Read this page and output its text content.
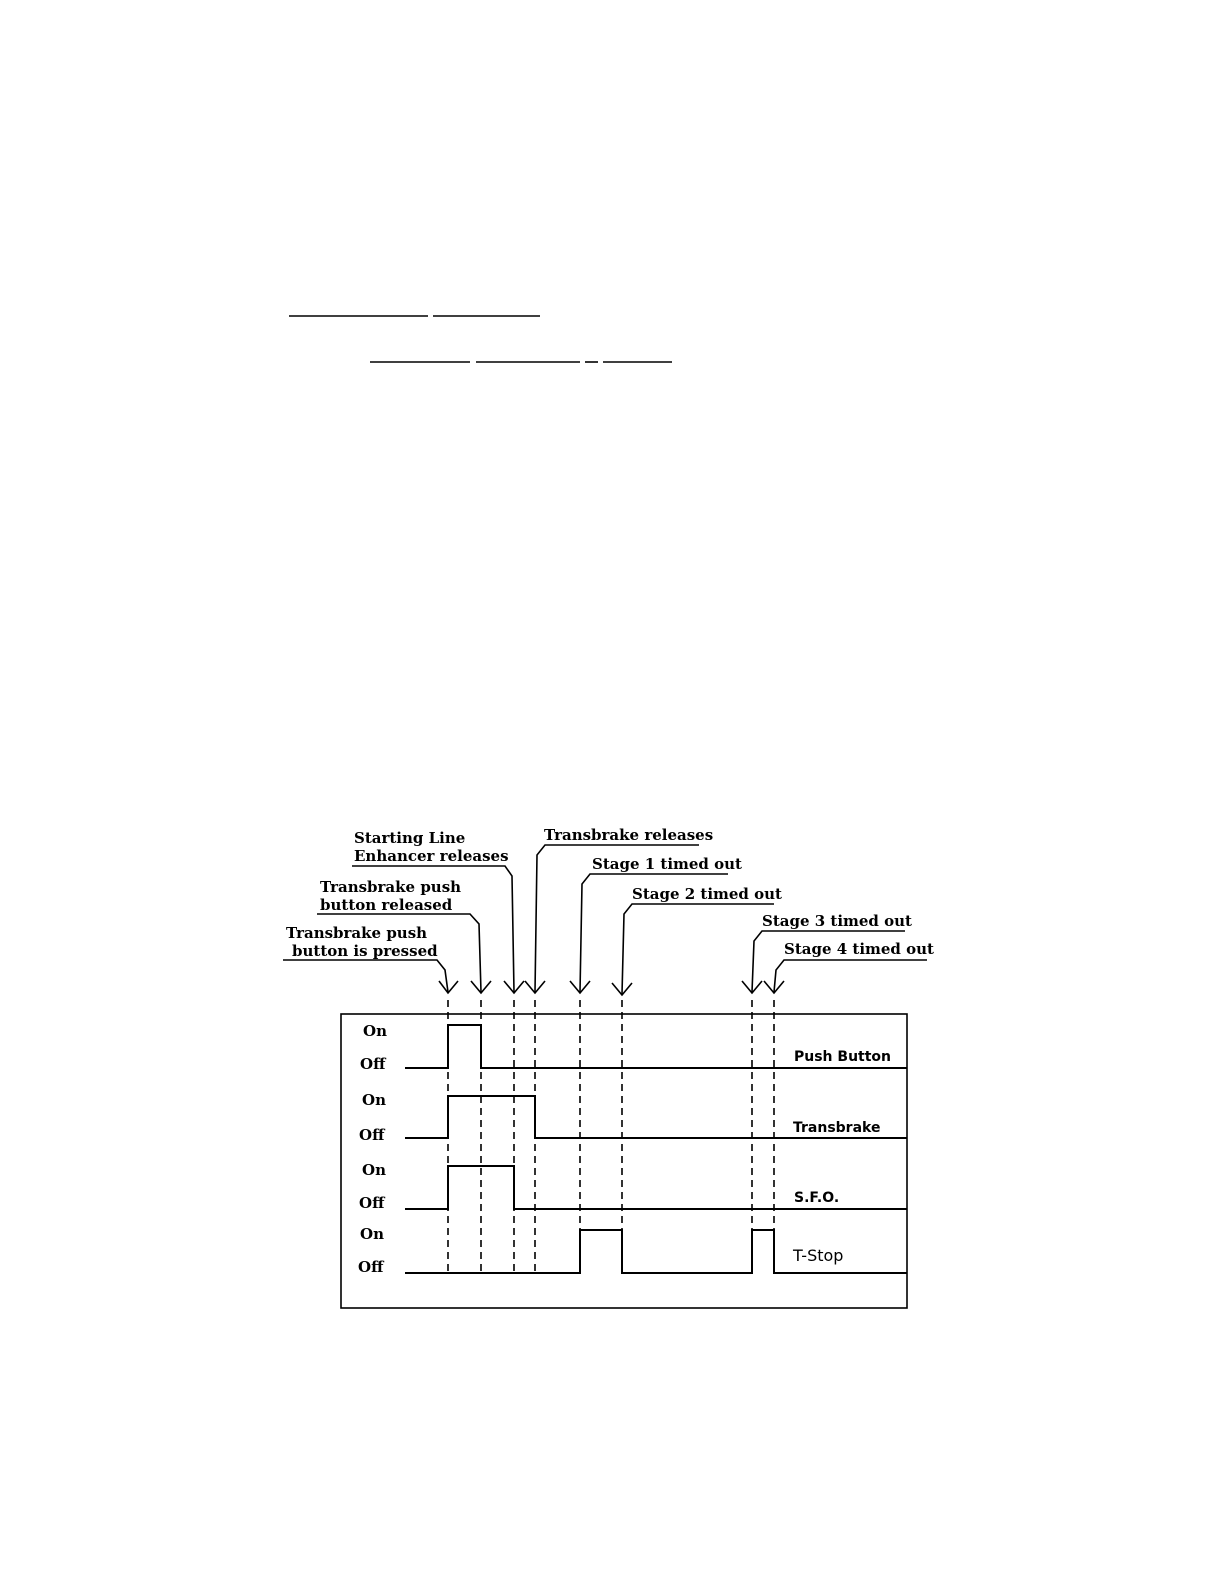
Transbrake push
button is pressed
Transbrake push
button released
Starting Line
Enhancer releases
Transbrake releases
Stage 1 timed out
Stage 2 timed out
Stage 3 timed out
Stage 4 timed out
On
Off	Push Button
On
Off	Transbrake
On
Off	S.F.O.
On
Off
T-Stop
